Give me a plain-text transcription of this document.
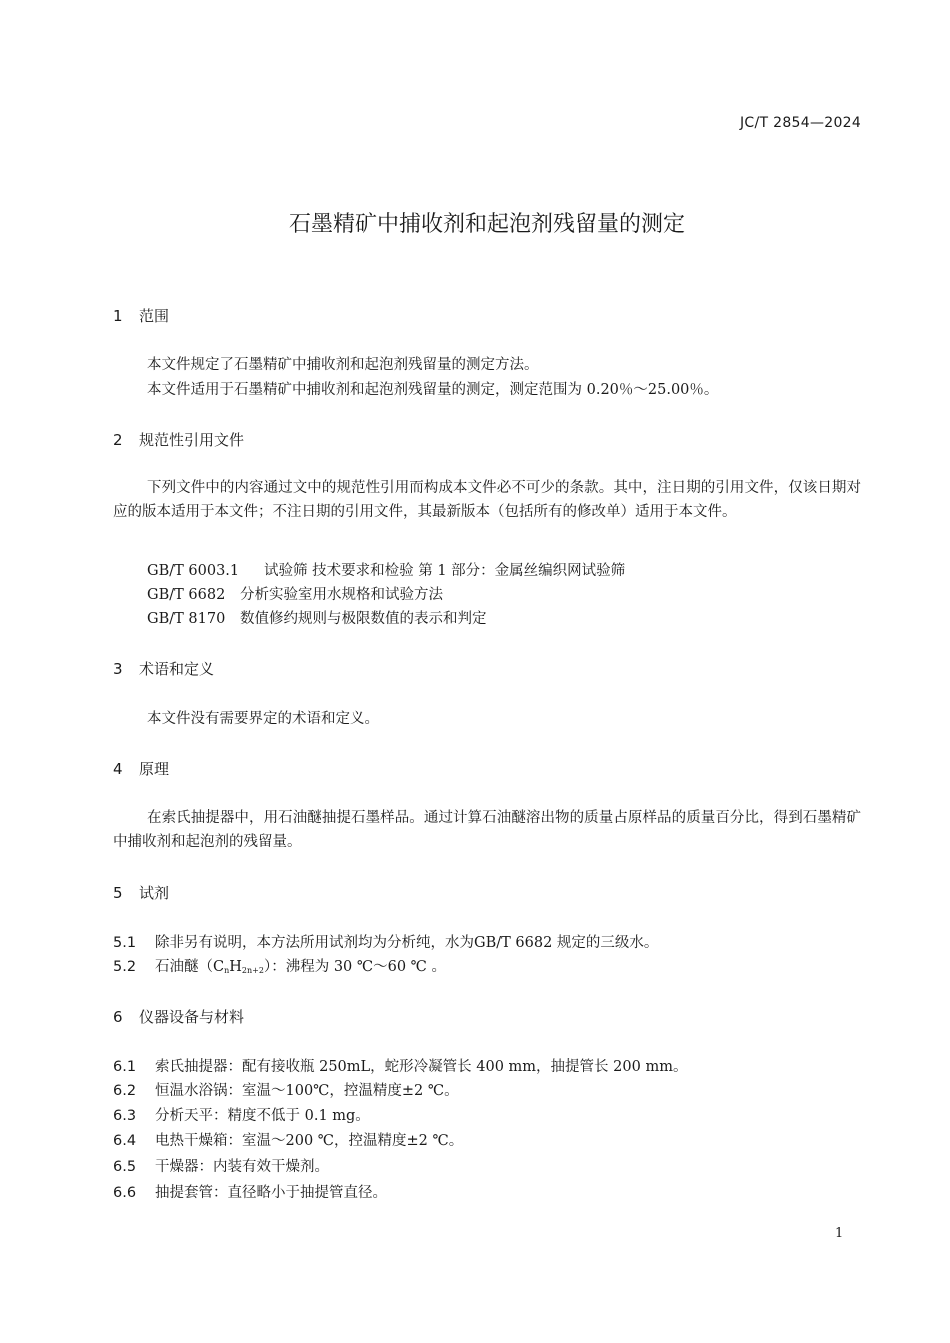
JC/T 2854—2024
石墨精矿中捕收剂和起泡剂残留量的测定
1 范围
本文件规定了石墨精矿中捕收剂和起泡剂残留量的测定方法。
本文件适用于石墨精矿中捕收剂和起泡剂残留量的测定，测定范围为 0.20％～25.00％。
2 规范性引用文件
下列文件中的内容通过文中的规范性引用而构成本文件必不可少的条款。其中，注日期的引用文件，仅该日期对应的版本适用于本文件；不注日期的引用文件，其最新版本（包括所有的修改单）适用于本文件。
GB/T 6003.1 试验筛 技术要求和检验 第 1 部分：金属丝编织网试验筛
GB/T 6682 分析实验室用水规格和试验方法
GB/T 8170 数值修约规则与极限数值的表示和判定
3 术语和定义
本文件没有需要界定的术语和定义。
4 原理
在索氏抽提器中，用石油醚抽提石墨样品。通过计算石油醚溶出物的质量占原样品的质量百分比，得到石墨精矿中捕收剂和起泡剂的残留量。
5 试剂
5.1 除非另有说明，本方法所用试剂均为分析纯，水为GB/T 6682 规定的三级水。
5.2 石油醚$(C_nH_{2n+2})$：沸程为 30 ℃～60 ℃ 。
6 仪器设备与材料
6.1 索氏抽提器：配有接收瓶 250mL，蛇形冷凝管长 400 mm，抽提管长 200 mm。
6.2 恒温水浴锅：室温～100℃，控温精度±2 ℃。
6.3 分析天平：精度不低于 0.1 mg。
6.4 电热干燥箱：室温～200 ℃，控温精度±2 ℃。
6.5 干燥器：内装有效干燥剂。
6.6 抽提套管：直径略小于抽提管直径。
1
